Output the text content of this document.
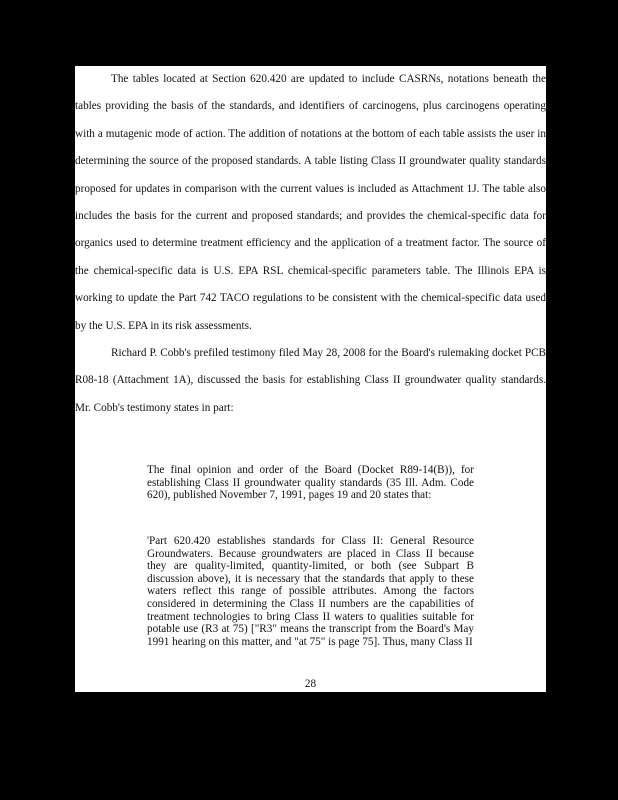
The tables located at Section 620.420 are updated to include CASRNs, notations beneath the tables providing the basis of the standards, and identifiers of carcinogens, plus carcinogens operating with a mutagenic mode of action. The addition of notations at the bottom of each table assists the user in determining the source of the proposed standards. A table listing Class II groundwater quality standards proposed for updates in comparison with the current values is included as Attachment 1J. The table also includes the basis for the current and proposed standards; and provides the chemical-specific data for organics used to determine treatment efficiency and the application of a treatment factor. The source of the chemical-specific data is U.S. EPA RSL chemical-specific parameters table. The Illinois EPA is working to update the Part 742 TACO regulations to be consistent with the chemical-specific data used by the U.S. EPA in its risk assessments.

Richard P. Cobb's prefiled testimony filed May 28, 2008 for the Board's rulemaking docket PCB R08-18 (Attachment 1A), discussed the basis for establishing Class II groundwater quality standards. Mr. Cobb's testimony states in part:

The final opinion and order of the Board (Docket R89-14(B)), for establishing Class II groundwater quality standards (35 Ill. Adm. Code 620), published November 7, 1991, pages 19 and 20 states that:

'Part 620.420 establishes standards for Class II: General Resource Groundwaters. Because groundwaters are placed in Class II because they are quality-limited, quantity-limited, or both (see Subpart B discussion above), it is necessary that the standards that apply to these waters reflect this range of possible attributes. Among the factors considered in determining the Class II numbers are the capabilities of treatment technologies to bring Class II waters to qualities suitable for potable use (R3 at 75) ["R3" means the transcript from the Board's May 1991 hearing on this matter, and "at 75" is page 75]. Thus, many Class II

28
